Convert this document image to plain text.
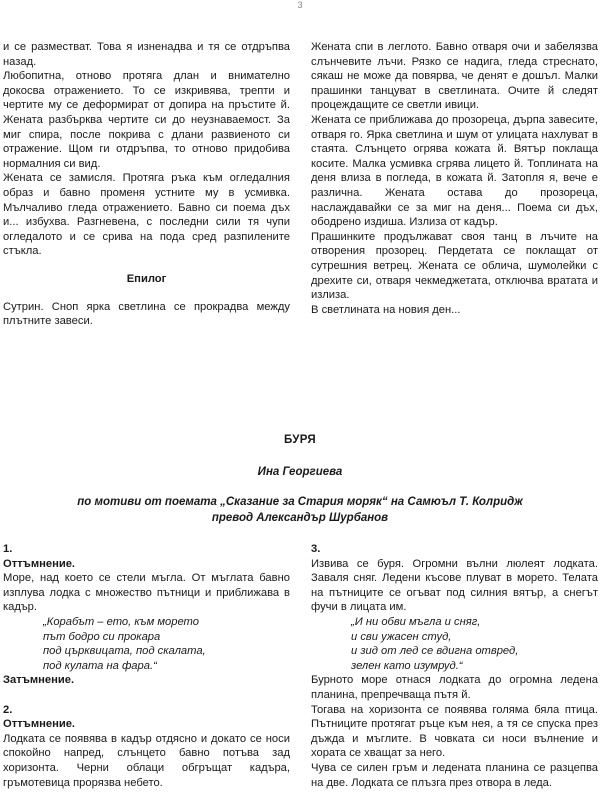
3

и се разместват. Това я изненадва и тя се отдръпва назад.

Любопитна, отново протяга длан и внимателно докосва отражението. То се изкривява, трепти и чертите му се деформират от допира на пръстите й. Жената разбърква чертите си до неузнаваемост. За миг спира, после покрива с длани развиеното си отражение. Щом ги отдръпва, то отново придобива нормалния си вид.

Жената се замисля. Протяга ръка към огледалния образ и бавно променя устните му в усмивка. Мълчаливо гледа отражението. Бавно си поема дъх и... избухва. Разгневена, с последни сили тя чупи огледалото и се срива на пода сред разпилените стъкла.

Епилог

Сутрин. Сноп ярка светлина се прокрадва между плътните завеси.

Жената спи в леглото. Бавно отваря очи и забелязва слънчевите лъчи. Рязко се надига, гледа стреснато, сякаш не може да повярва, че денят е дошъл. Малки прашинки танцуват в светлината. Очите й следят процеждащите се светли ивици.

Жената се приближава до прозореца, дърпа завесите, отваря го. Ярка светлина и шум от улицата нахлуват в стаята. Слънцето огрява кожата й. Вятър поклаща косите. Малка усмивка сгрява лицето й. Топлината на деня влиза в погледа, в кожата й. Затопля я, вече е различна. Жената остава до прозореца, наслаждавайки се за миг на деня... Поема си дъх, ободрено издиша. Излиза от кадър.

Прашинките продължават своя танц в лъчите на отворения прозорец. Пердетата се поклащат от сутрешния ветрец. Жената се облича, шумолейки с дрехите си, отваря чекмеджетата, отключва вратата и излиза.

В светлината на новия ден...

БУРЯ
Ина Георгиева
по мотиви от поемата „Сказание за Стария моряк“ на Самюъл Т. Колридж
превод Александър Шурбанов

1.

Оттъмнение.

Море, над което се стели мъгла. От мъглата бавно изплува лодка с множество пътници и приближава в кадър.

„Корабът – ето, към морето

път бодро си прокара

под църквицата, под скалата,

под кулата на фара.“

Затъмнение.

2.

Оттъмнение.

Лодката се появява в кадър отдясно и докато се носи спокойно напред, слънцето бавно потъва зад хоризонта. Черни облаци обгръщат кадъра, гръмотевица прорязва небето.

3.

Извива се буря. Огромни вълни люлеят лодката. Заваля сняг. Ледени късове плуват в морето. Телата на пътниците се огъват под силния вятър, а снегът фучи в лицата им.

„И ни обви мъгла и сняг,

и сви ужасен студ,

и зид от лед се вдигна отвред,

зелен като изумруд.“

Бурното море отнася лодката до огромна ледена планина, препречваща пътя й.

Тогава на хоризонта се появява голяма бяла птица. Пътниците протягат ръце към нея, а тя се спуска през дъжда и мъглите. В човката си носи вълнение и хората се хващат за него.

Чува се силен гръм и ледената планина се разцепва на две. Лодката се плъзга през отвора в леда.
